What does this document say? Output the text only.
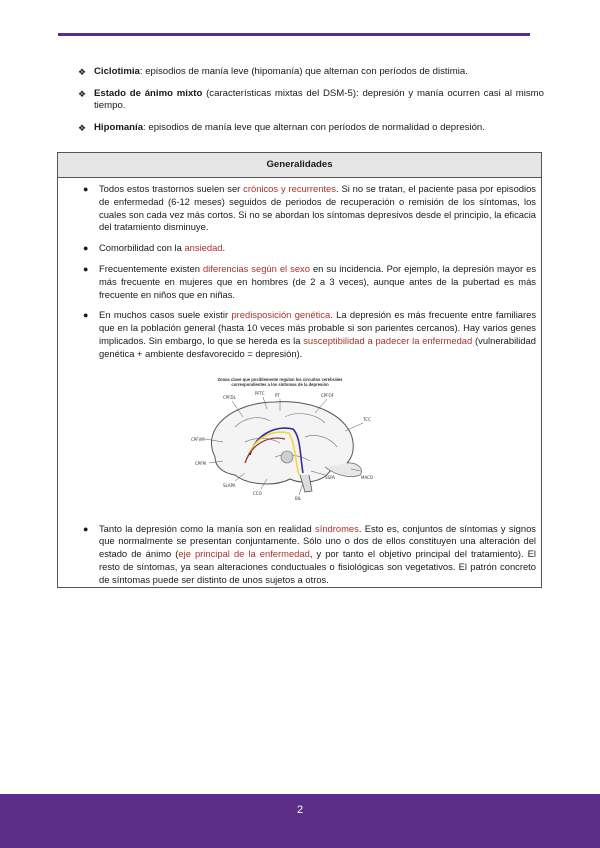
❖ Ciclotimia: episodios de manía leve (hipomanía) que alternan con períodos de distimia.
❖ Estado de ánimo mixto (características mixtas del DSM-5): depresión y manía ocurren casi al mismo tiempo.
❖ Hipomanía: episodios de manía leve que alternan con períodos de normalidad o depresión.
Generalidades
● Todos estos trastornos suelen ser crónicos y recurrentes. Si no se tratan, el paciente pasa por episodios de enfermedad (6-12 meses) seguidos de periodos de recuperación o remisión de los síntomas, los cuales son cada vez más cortos. Si no se abordan los síntomas depresivos desde el principio, la eficacia del tratamiento disminuye.
● Comorbilidad con la ansiedad.
● Frecuentemente existen diferencias según el sexo en su incidencia. Por ejemplo, la depresión mayor es más frecuente en mujeres que en hombres (de 2 a 3 veces), aunque antes de la pubertad es más frecuente en niños que en niñas.
● En muchos casos suele existir predisposición genética. La depresión es más frecuente entre familiares que en la población general (hasta 10 veces más probable si son parientes cercanos). Hay varios genes implicados. Sin embargo, lo que se hereda es la susceptibilidad a padecer la enfermedad (vulnerabilidad genética + ambiente desfavorecido = depresión).
● Tanto la depresión como la manía son en realidad síndromes. Esto es, conjuntos de síntomas y signos que normalmente se presentan conjuntamente. Sólo uno o dos de ellos constituyen una alteración del estado de ánimo (eje principal de la enfermedad, y por tanto el objetivo principal del tratamiento). El resto de síntomas, ya sean alteraciones conductuales o fisiológicas son vegetativos. El patrón concreto de síntomas puede ser distinto de unos sujetos a otros.
Zonas clave que posiblemente regulan los circuitos cerebrales
correspondientes a los síntomas de la depresión
CPFDL
PFTC	PT
CPFVM
CPFM
CPFOF
TCC
MACO
SLAPA
CCO
BIL
SSPA
2
